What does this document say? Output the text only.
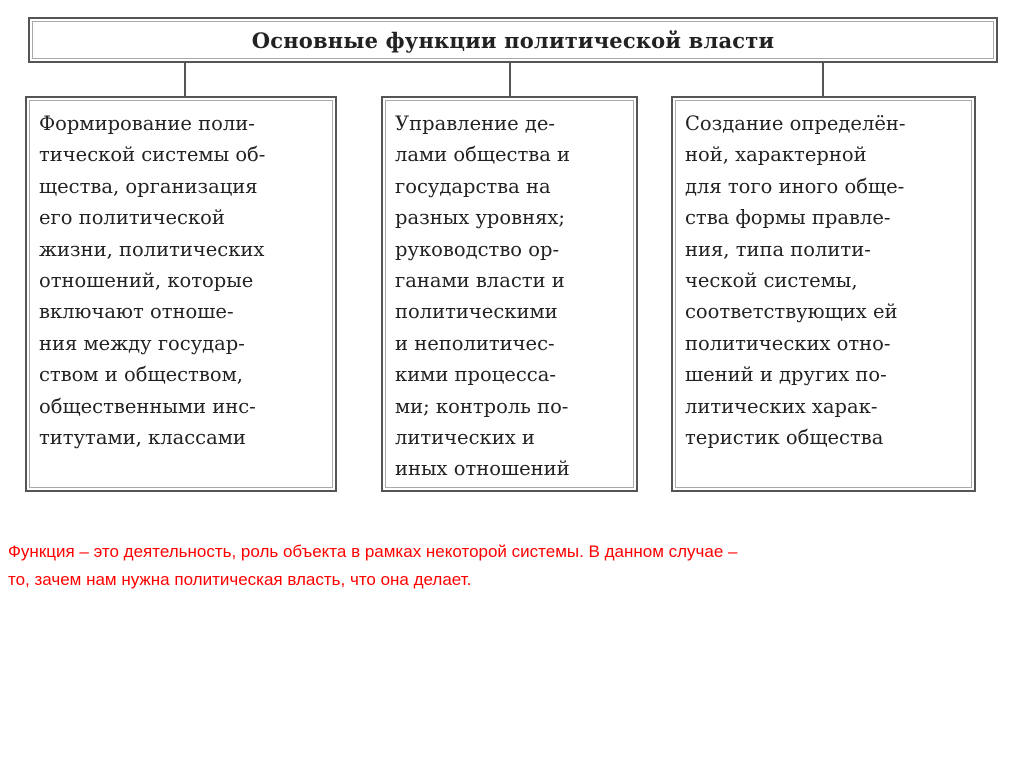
Основные функции политической власти
Формирование поли-
тической системы об-
щества, организация
его политической
жизни, политических
отношений, которые
включают отноше-
ния между государ-
ством и обществом,
общественными инс-
титутами, классами
Управление де-
лами общества и
государства на
разных уровнях;
руководство ор-
ганами власти и
политическими
и неполитичес-
кими процесса-
ми; контроль по-
литических и
иных отношений
Создание определён-
ной, характерной
для того иного обще-
ства формы правле-
ния, типа полити-
ческой системы,
соответствующих ей
политических отно-
шений и других по-
литических харак-
теристик общества
Функция – это деятельность, роль объекта в рамках некоторой системы. В данном случае –
то, зачем нам нужна политическая власть, что она делает.
